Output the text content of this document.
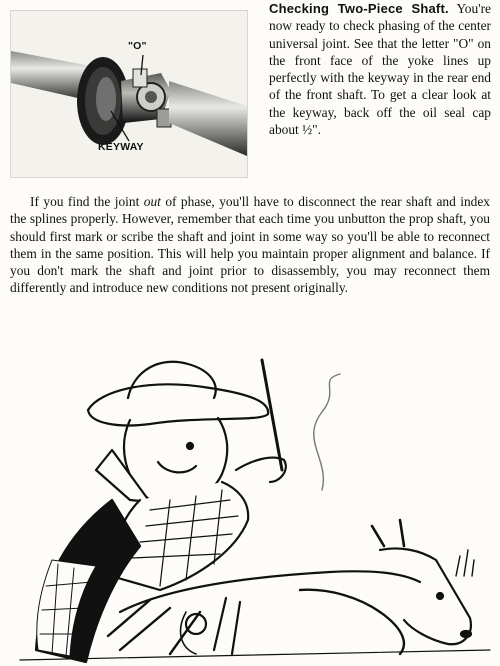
"O"
KEYWAY
Checking Two-Piece Shaft. You're now ready to check phasing of the center universal joint. See that the letter "O" on the front face of the yoke lines up perfectly with the keyway in the rear end of the front shaft. To get a clear look at the keyway, back off the oil seal cap about ½".

If you find the joint out of phase, you'll have to disconnect the rear shaft and index the splines properly. However, remember that each time you unbutton the prop shaft, you should first mark or scribe the shaft and joint in some way so you'll be able to reconnect them in the same position. This will help you maintain proper alignment and balance. If you don't mark the shaft and joint prior to disassembly, you may reconnect them differently and introduce new conditions not present originally.
